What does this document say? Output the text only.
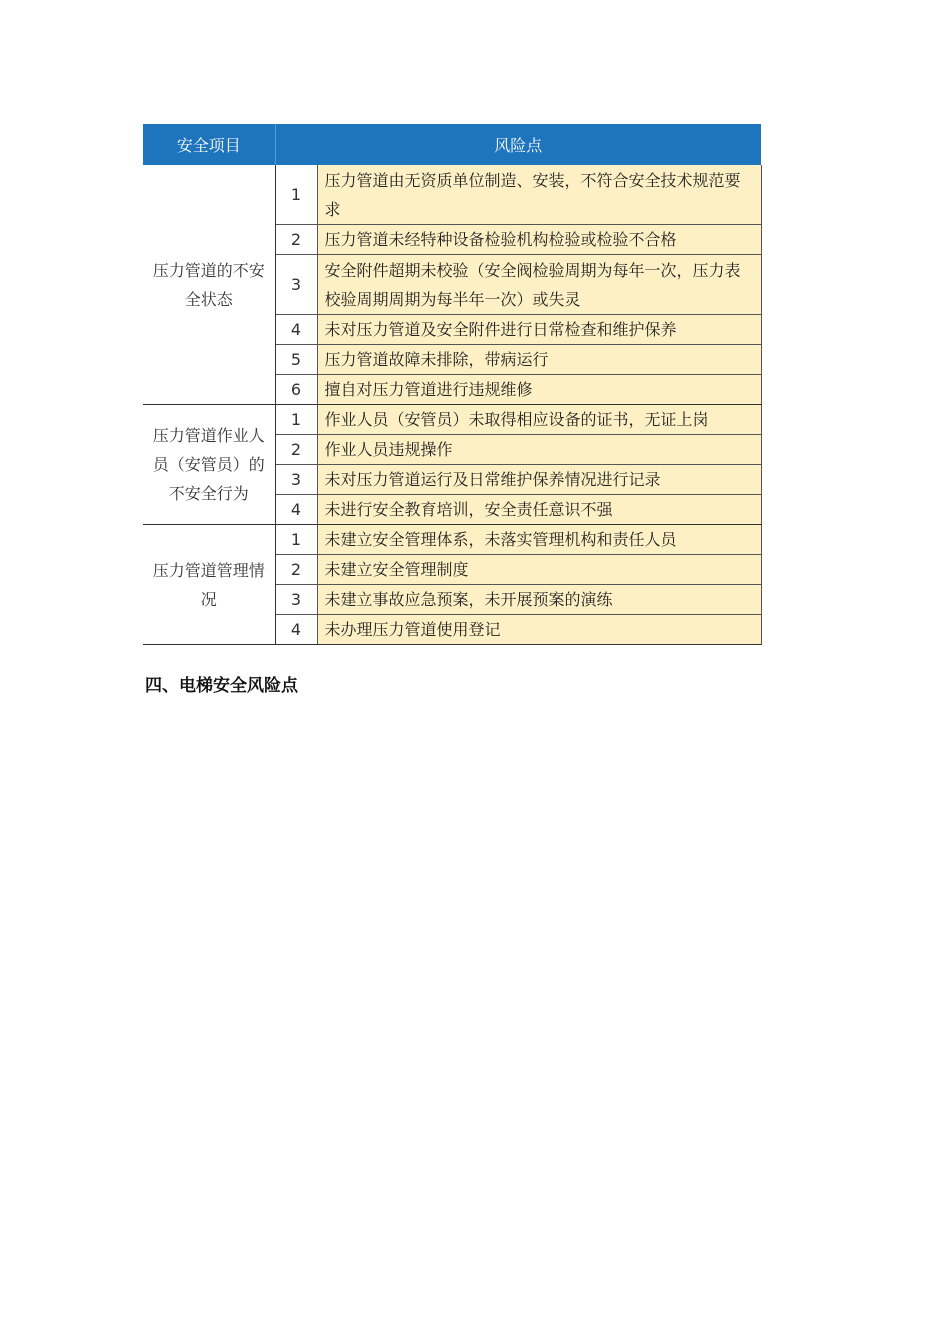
安全项目	风险点	
压力管道的不安全状态	1	压力管道由无资质单位制造、安装，不符合安全技术规范要求
	2	压力管道未经特种设备检验机构检验或检验不合格
	3	安全附件超期未校验（安全阀检验周期为每年一次，压力表校验周期周期为每半年一次）或失灵
	4	未对压力管道及安全附件进行日常检查和维护保养
	5	压力管道故障未排除，带病运行
	6	擅自对压力管道进行违规维修
压力管道作业人员（安管员）的不安全行为	1	作业人员（安管员）未取得相应设备的证书，无证上岗
	2	作业人员违规操作
	3	未对压力管道运行及日常维护保养情况进行记录
	4	未进行安全教育培训，安全责任意识不强
压力管道管理情况	1	未建立安全管理体系，未落实管理机构和责任人员
	2	未建立安全管理制度
	3	未建立事故应急预案，未开展预案的演练
	4	未办理压力管道使用登记
四、电梯安全风险点
